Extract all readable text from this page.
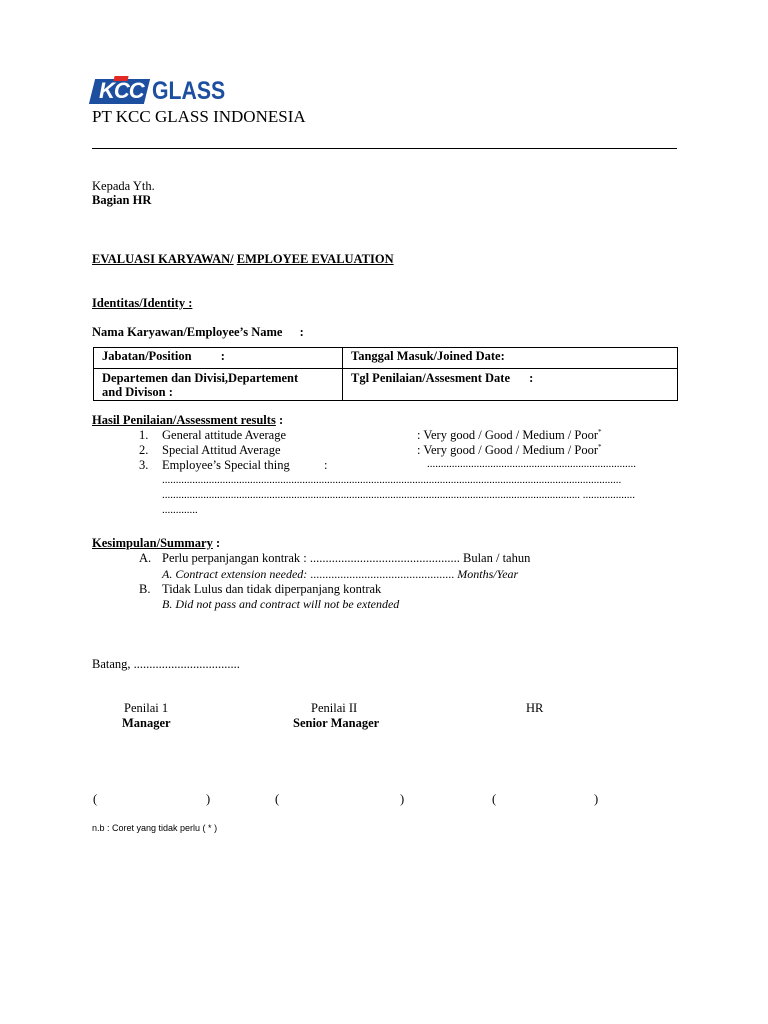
KCC GLASS
PT KCC GLASS INDONESIA
Kepada Yth.
Bagian HR
EVALUASI KARYAWAN/ EMPLOYEE EVALUATION
Identitas/Identity :
Nama Karyawan/Employee’s Name :
Jabatan/Position :	Tanggal Masuk/Joined Date:

Departemen dan Divisi,Departement
and Divison :	Tgl Penilaian/Assesment Date :
Hasil Penilaian/Assessment results :
1. General attitude Average	: Very good / Good / Medium / Poor*
2. Special Attitud Average	: Very good / Good / Medium / Poor*
3. Employee’s Special thing	:	............................................................................
.......................................................................................................................................................................
........................................................................................................................................................ ...................
.............
Kesimpulan/Summary :
A. Perlu perpanjangan kontrak : ................................................ Bulan / tahun
A. Contract extension needed: ................................................ Months/Year
B. Tidak Lulus dan tidak diperpanjang kontrak
B. Did not pass and contract will not be extended
Batang, ..................................
Penilai 1
Manager
Penilai II
Senior Manager
HR
(	)	(	)	(	)
n.b : Coret yang tidak perlu ( * )
